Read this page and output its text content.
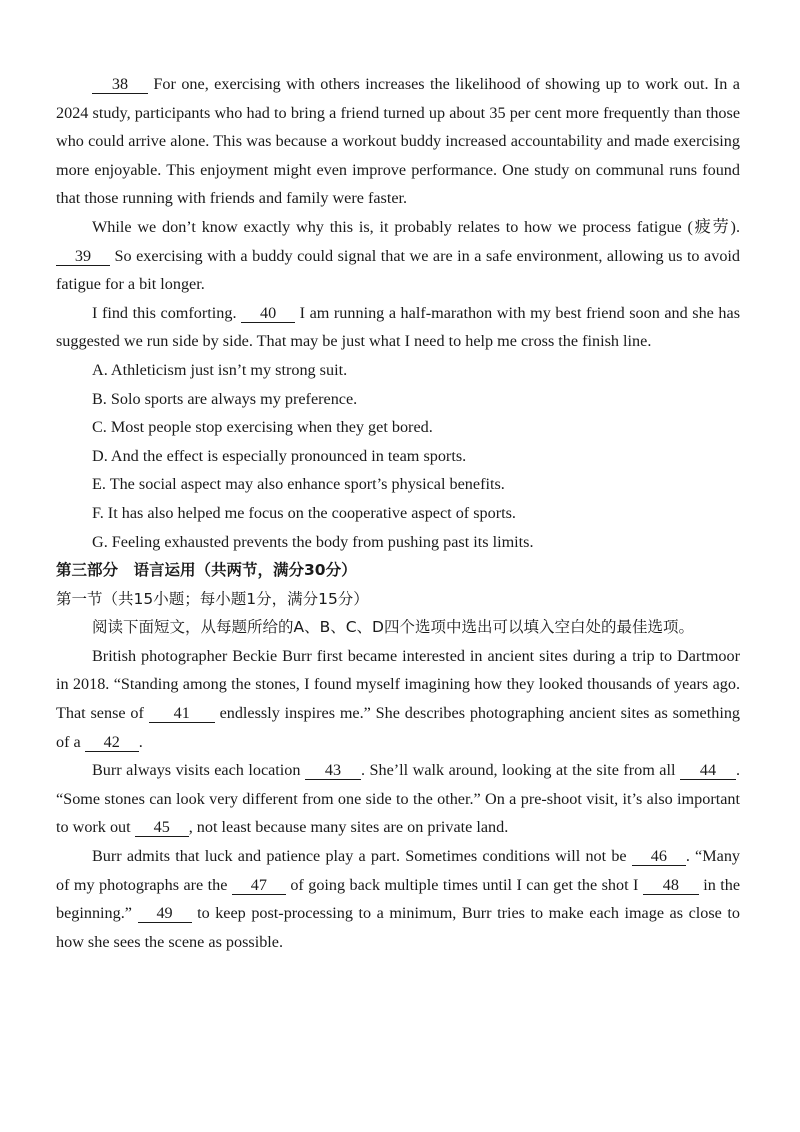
38 For one, exercising with others increases the likelihood of showing up to work out. In a 2024 study, participants who had to bring a friend turned up about 35 per cent more frequently than those who could arrive alone. This was because a workout buddy increased accountability and made exercising more enjoyable. This enjoyment might even improve performance. One study on communal runs found that those running with friends and family were faster.

While we don’t know exactly why this is, it probably relates to how we process fatigue (疲劳).39 So exercising with a buddy could signal that we are in a safe environment, allowing us to avoid fatigue for a bit longer.

I find this comforting. 40 I am running a half-marathon with my best friend soon and she has suggested we run side by side. That may be just what I need to help me cross the finish line.

A. Athleticism just isn’t my strong suit.

B. Solo sports are always my preference.

C. Most people stop exercising when they get bored.

D. And the effect is especially pronounced in team sports.

E. The social aspect may also enhance sport’s physical benefits.

F. It has also helped me focus on the cooperative aspect of sports.

G. Feeling exhausted prevents the body from pushing past its limits.

第三部分　语言运用（共两节，满分30分）

第一节（共15小题；每小题1分，满分15分）

阅读下面短文，从每题所给的A、B、C、D四个选项中选出可以填入空白处的最佳选项。

British photographer Beckie Burr first became interested in ancient sites during a trip to Dartmoor in 2018. “Standing among the stones, I found myself imagining how they looked thousands of years ago. That sense of 41 endlessly inspires me.” She describes photographing ancient sites as something of a 42 .

Burr always visits each location 43 . She’ll walk around, looking at the site from all 44 . “Some stones can look very different from one side to the other.” On a pre-shoot visit, it’s also important to work out 45 , not least because many sites are on private land.

Burr admits that luck and patience play a part. Sometimes conditions will not be 46 . “Many of my photographs are the 47 of going back multiple times until I can get the shot I 48 in the beginning.” 49 to keep post-processing to a minimum, Burr tries to make each image as close to how she sees the scene as possible.
